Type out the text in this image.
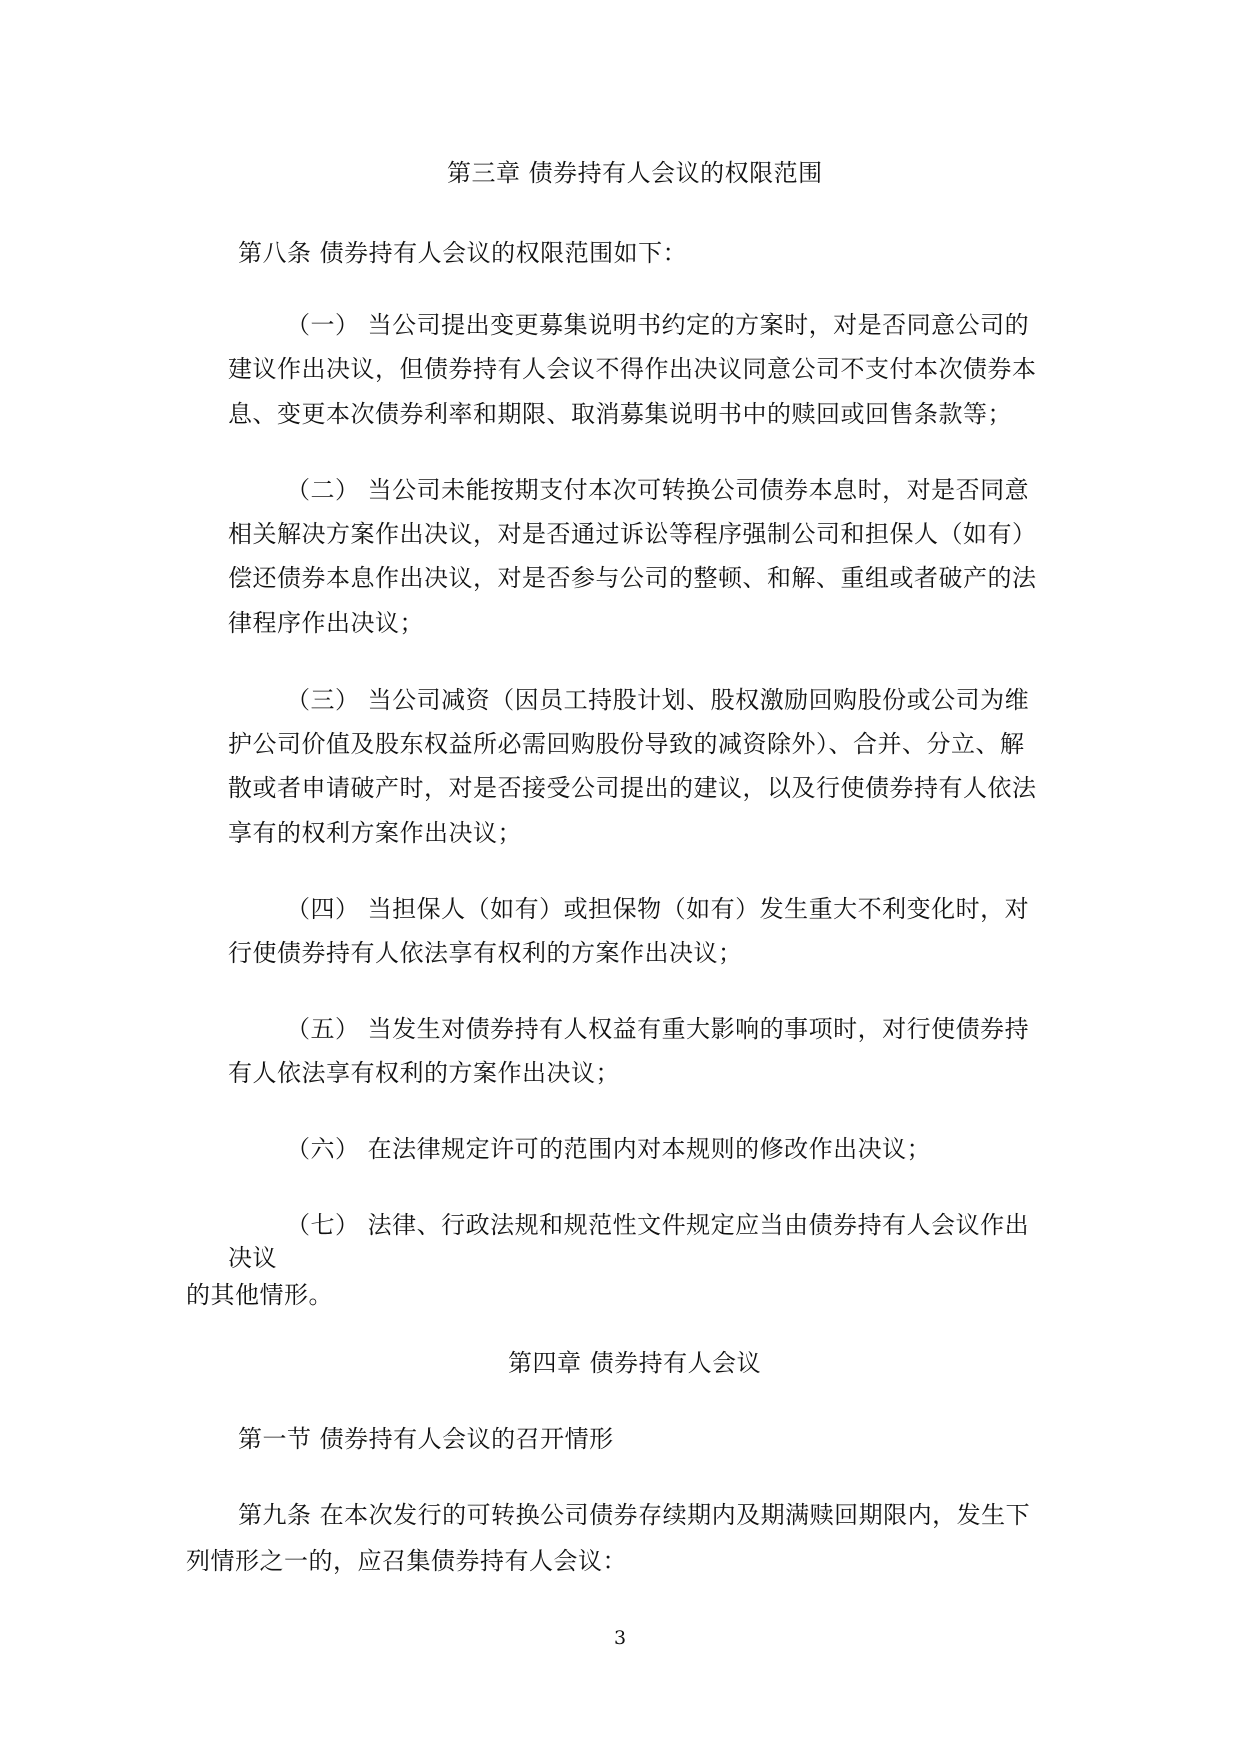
第三章 债券持有人会议的权限范围
第八条 债券持有人会议的权限范围如下：
（一） 当公司提出变更募集说明书约定的方案时，对是否同意公司的
建议作出决议，但债券持有人会议不得作出决议同意公司不支付本次债券本
息、变更本次债券利率和期限、取消募集说明书中的赎回或回售条款等；
（二） 当公司未能按期支付本次可转换公司债券本息时，对是否同意
相关解决方案作出决议，对是否通过诉讼等程序强制公司和担保人（如有）
偿还债券本息作出决议，对是否参与公司的整顿、和解、重组或者破产的法
律程序作出决议；
（三） 当公司减资（因员工持股计划、股权激励回购股份或公司为维
护公司价值及股东权益所必需回购股份导致的减资除外）、合并、分立、解
散或者申请破产时，对是否接受公司提出的建议，以及行使债券持有人依法
享有的权利方案作出决议；
（四） 当担保人（如有）或担保物（如有）发生重大不利变化时，对
行使债券持有人依法享有权利的方案作出决议；
（五） 当发生对债券持有人权益有重大影响的事项时，对行使债券持
有人依法享有权利的方案作出决议；
（六） 在法律规定许可的范围内对本规则的修改作出决议；
（七） 法律、行政法规和规范性文件规定应当由债券持有人会议作出
决议
的其他情形。
第四章 债券持有人会议
第一节 债券持有人会议的召开情形
第九条 在本次发行的可转换公司债券存续期内及期满赎回期限内，发生下
列情形之一的，应召集债券持有人会议：
3
